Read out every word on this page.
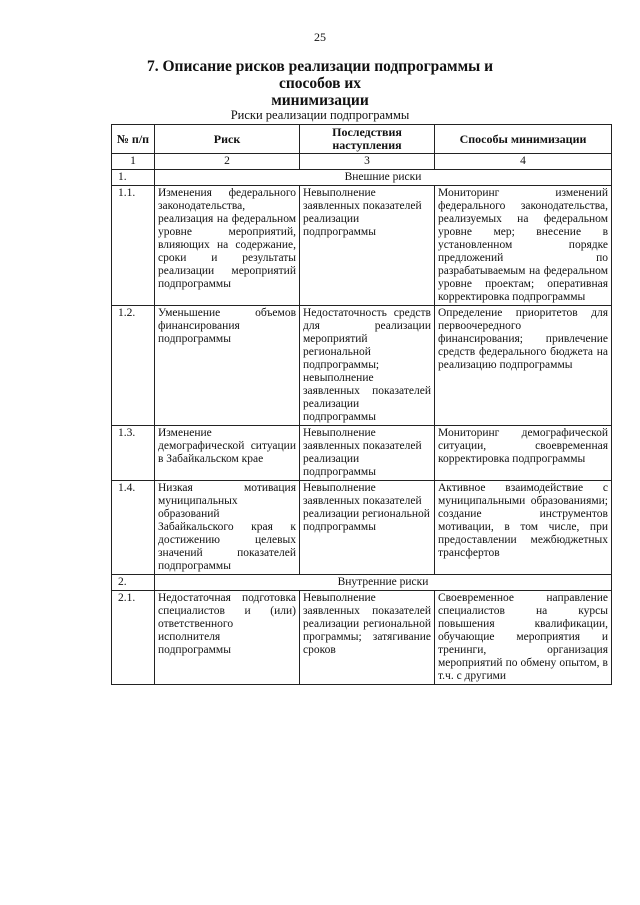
25
7. Описание рисков реализации подпрограммы и способов их
минимизации
Риски реализации подпрограммы
№ п/п	Риск	Последствия наступления	Способы минимизации
1	2	3	4
1.	Внешние риски		
1.1.	Изменения федерального законодательства, реализация на федеральном уровне мероприятий, влияющих на содержание, сроки и результаты реализации мероприятий подпрограммы	Невыполнение заявленных показателей реализации подпрограммы	Мониторинг изменений федерального законодательства, реализуемых на федеральном уровне мер; внесение в установленном порядке предложений по разрабатываемым на федеральном уровне проектам; оперативная корректировка подпрограммы
1.2.	Уменьшение объемов финансирования подпрограммы	Недостаточность средств для реализации мероприятий региональной подпрограммы; невыполнение заявленных показателей реализации подпрограммы	Определение приоритетов для первоочередного финансирования; привлечение средств федерального бюджета на реализацию подпрограммы
1.3.	Изменение демографической ситуации в Забайкальском крае	Невыполнение заявленных показателей реализации подпрограммы	Мониторинг демографической ситуации, своевременная корректировка подпрограммы
1.4.	Низкая мотивация муниципальных образований Забайкальского края к достижению целевых значений показателей подпрограммы	Невыполнение заявленных показателей реализации региональной подпрограммы	Активное взаимодействие с муниципальными образованиями; создание инструментов мотивации, в том числе, при предоставлении межбюджетных трансфертов
2.	Внутренние риски		
2.1.	Недостаточная подготовка специалистов и (или) ответственного исполнителя подпрограммы	Невыполнение заявленных показателей реализации региональной программы; затягивание сроков	Своевременное направление специалистов на курсы повышения квалификации, обучающие мероприятия и тренинги, организация мероприятий по обмену опытом, в т.ч. с другими
